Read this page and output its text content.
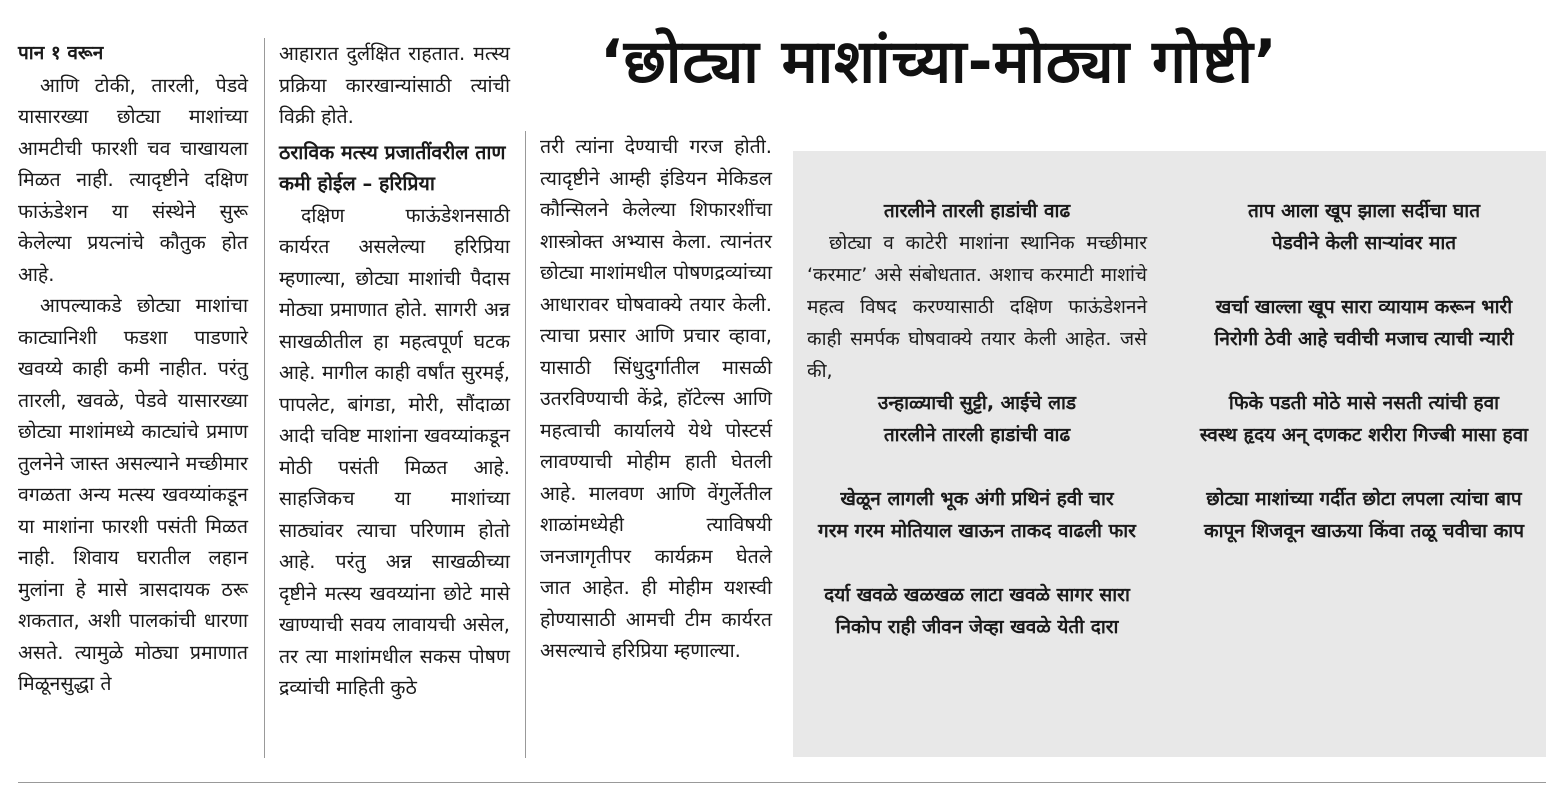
‘छोट्या माशांच्या-मोठ्या गोष्टी’

पान १ वरून

आणि टोकी, तारली, पेडवे यासारख्या छोट्या माशांच्या आमटीची फारशी चव चाखायला मिळत नाही. त्यादृष्टीने दक्षिण फाऊंडेशन या संस्थेने सुरू केलेल्या प्रयत्नांचे कौतुक होत आहे.

आपल्याकडे छोट्या माशांचा काट्यानिशी फडशा पाडणारे खवय्ये काही कमी नाहीत. परंतु तारली, खवळे, पेडवे यासारख्या छोट्या माशांमध्ये काट्यांचे प्रमाण तुलनेने जास्त असल्याने मच्छीमार वगळता अन्य मत्स्य खवय्यांकडून या माशांना फारशी पसंती मिळत नाही. शिवाय घरातील लहान मुलांना हे मासे त्रासदायक ठरू शकतात, अशी पालकांची धारणा असते. त्यामुळे मोठ्या प्रमाणात मिळूनसुद्धा ते

आहारात दुर्लक्षित राहतात. मत्स्य प्रक्रिया कारखान्यांसाठी त्यांची विक्री होते.

ठराविक मत्स्य प्रजातींवरील ताण कमी होईल – हरिप्रिया

दक्षिण फाऊंडेशनसाठी कार्यरत असलेल्या हरिप्रिया म्हणाल्या, छोट्या माशांची पैदास मोठ्या प्रमाणात होते. सागरी अन्न साखळीतील हा महत्वपूर्ण घटक आहे. मागील काही वर्षांत सुरमई, पापलेट, बांगडा, मोरी, सौंदाळा आदी चविष्ट माशांना खवय्यांकडून मोठी पसंती मिळत आहे. साहजिकच या माशांच्या साठ्यांवर त्याचा परिणाम होतो आहे. परंतु अन्न साखळीच्या दृष्टीने मत्स्य खवय्यांना छोटे मासे खाण्याची सवय लावायची असेल, तर त्या माशांमधील सकस पोषण द्रव्यांची माहिती कुठे

तरी त्यांना देण्याची गरज होती. त्यादृष्टीने आम्ही इंडियन मेकिडल कौन्सिलने केलेल्या शिफारशींचा शास्त्रोक्त अभ्यास केला. त्यानंतर छोट्या माशांमधील पोषणद्रव्यांच्या आधारावर घोषवाक्ये तयार केली. त्याचा प्रसार आणि प्रचार व्हावा, यासाठी सिंधुदुर्गातील मासळी उतरविण्याची केंद्रे, हॉटेल्स आणि महत्वाची कार्यालये येथे पोस्टर्स लावण्याची मोहीम हाती घेतली आहे. मालवण आणि वेंगुर्लेतील शाळांमध्येही त्याविषयी जनजागृतीपर कार्यक्रम घेतले जात आहेत. ही मोहीम यशस्वी होण्यासाठी आमची टीम कार्यरत असल्याचे हरिप्रिया म्हणाल्या.

तारलीने तारली हाडांची वाढ
छोट्या व काटेरी माशांना स्थानिक मच्छीमार ‘करमाट’ असे संबोधतात. अशाच करमाटी माशांचे महत्व विषद करण्यासाठी दक्षिण फाऊंडेशनने काही समर्पक घोषवाक्ये तयार केली आहेत. जसे की,

उन्हाळ्याची सुट्टी, आईचे लाड
तारलीने तारली हाडांची वाढ

खेळून लागली भूक अंगी प्रथिनं हवी चार
गरम गरम मोतियाल खाऊन ताकद वाढली फार

दर्या खवळे खळखळ लाटा खवळे सागर सारा
निकोप राही जीवन जेव्हा खवळे येती दारा

ताप आला खूप झाला सर्दीचा घात
पेडवीने केली साऱ्यांवर मात

खर्चा खाल्ला खूप सारा व्यायाम करून भारी
निरोगी ठेवी आहे चवीची मजाच त्याची न्यारी

फिके पडती मोठे मासे नसती त्यांची हवा
स्वस्थ हृदय अन्‌ दणकट शरीरा गिज्बी मासा हवा

छोट्या माशांच्या गर्दीत छोटा लपला त्यांचा बाप
कापून शिजवून खाऊया किंवा तळू चवीचा काप
